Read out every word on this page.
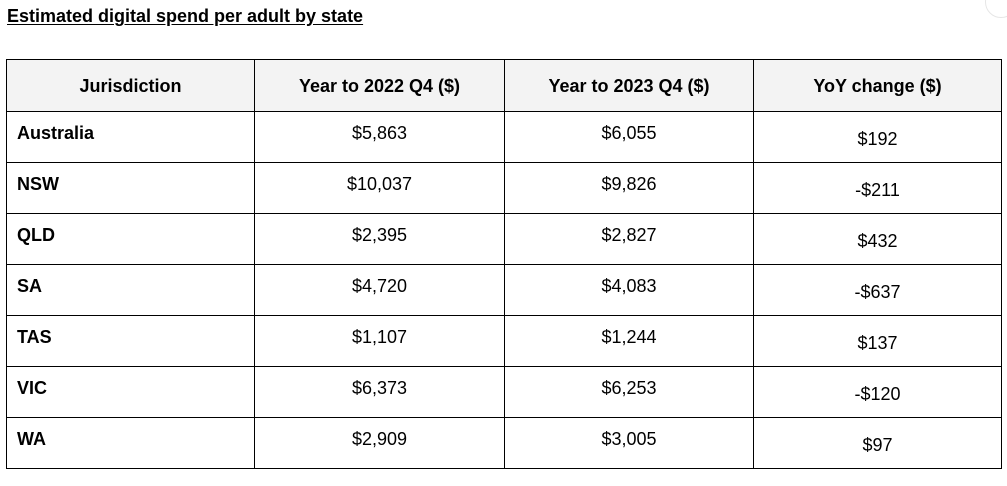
Estimated digital spend per adult by state
Jurisdiction	Year to 2022 Q4 ($)	Year to 2023 Q4 ($)	YoY change ($)
Australia	$5,863	$6,055	$192
NSW	$10,037	$9,826	-$211
QLD	$2,395	$2,827	$432
SA	$4,720	$4,083	-$637
TAS	$1,107	$1,244	$137
VIC	$6,373	$6,253	-$120
WA	$2,909	$3,005	$97
